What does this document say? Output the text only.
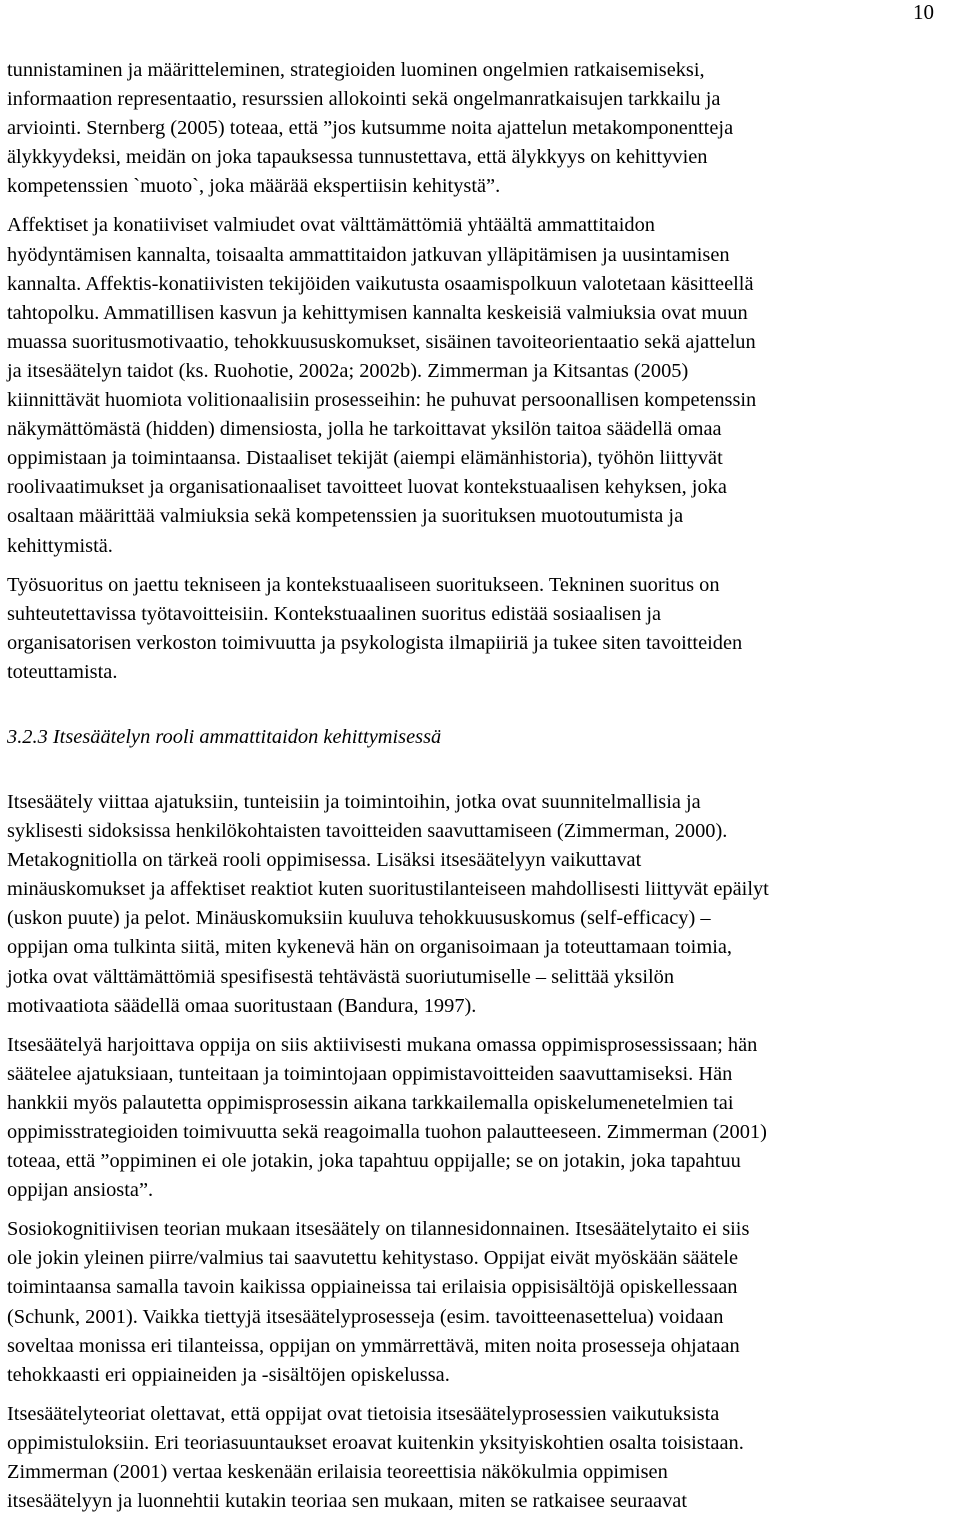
10

tunnistaminen ja määritteleminen, strategioiden luominen ongelmien ratkaisemiseksi,
informaation representaatio, resurssien allokointi sekä ongelmanratkaisujen tarkkailu ja
arviointi. Sternberg (2005) toteaa, että ”jos kutsumme noita ajattelun metakomponentteja
älykkyydeksi, meidän on joka tapauksessa tunnustettava, että älykkyys on kehittyvien
kompetenssien `muoto`, joka määrää ekspertiisin kehitystä”.

Affektiset ja konatiiviset valmiudet ovat välttämättömiä yhtäältä ammattitaidon
hyödyntämisen kannalta, toisaalta ammattitaidon jatkuvan ylläpitämisen ja uusintamisen
kannalta. Affektis-konatiivisten tekijöiden vaikutusta osaamispolkuun valotetaan käsitteellä
tahtopolku. Ammatillisen kasvun ja kehittymisen kannalta keskeisiä valmiuksia ovat muun
muassa suoritusmotivaatio, tehokkuususkomukset, sisäinen tavoiteorientaatio sekä ajattelun
ja itsesäätelyn taidot (ks. Ruohotie, 2002a; 2002b). Zimmerman ja Kitsantas (2005)
kiinnittävät huomiota volitionaalisiin prosesseihin: he puhuvat persoonallisen kompetenssin
näkymättömästä (hidden) dimensiosta, jolla he tarkoittavat yksilön taitoa säädellä omaa
oppimistaan ja toimintaansa. Distaaliset tekijät (aiempi elämänhistoria), työhön liittyvät
roolivaatimukset ja organisationaaliset tavoitteet luovat kontekstuaalisen kehyksen, joka
osaltaan määrittää valmiuksia sekä kompetenssien ja suorituksen muotoutumista ja
kehittymistä.

Työsuoritus on jaettu tekniseen ja kontekstuaaliseen suoritukseen. Tekninen suoritus on
suhteutettavissa työtavoitteisiin. Kontekstuaalinen suoritus edistää sosiaalisen ja
organisatorisen verkoston toimivuutta ja psykologista ilmapiiriä ja tukee siten tavoitteiden
toteuttamista.

3.2.3 Itsesäätelyn rooli ammattitaidon kehittymisessä

Itsesäätely viittaa ajatuksiin, tunteisiin ja toimintoihin, jotka ovat suunnitelmallisia ja
syklisesti sidoksissa henkilökohtaisten tavoitteiden saavuttamiseen (Zimmerman, 2000).
Metakognitiolla on tärkeä rooli oppimisessa. Lisäksi itsesäätelyyn vaikuttavat
minäuskomukset ja affektiset reaktiot kuten suoritustilanteiseen mahdollisesti liittyvät epäilyt
(uskon puute) ja pelot. Minäuskomuksiin kuuluva tehokkuususkomus (self-efficacy) –
oppijan oma tulkinta siitä, miten kykenevä hän on organisoimaan ja toteuttamaan toimia,
jotka ovat välttämättömiä spesifisestä tehtävästä suoriutumiselle – selittää yksilön
motivaatiota säädellä omaa suoritustaan (Bandura, 1997).

Itsesäätelyä harjoittava oppija on siis aktiivisesti mukana omassa oppimisprosessissaan; hän
säätelee ajatuksiaan, tunteitaan ja toimintojaan oppimistavoitteiden saavuttamiseksi. Hän
hankkii myös palautetta oppimisprosessin aikana tarkkailemalla opiskelumenetelmien tai
oppimisstrategioiden toimivuutta sekä reagoimalla tuohon palautteeseen. Zimmerman (2001)
toteaa, että ”oppiminen ei ole jotakin, joka tapahtuu oppijalle; se on jotakin, joka tapahtuu
oppijan ansiosta”.

Sosiokognitiivisen teorian mukaan itsesäätely on tilannesidonnainen. Itsesäätelytaito ei siis
ole jokin yleinen piirre/valmius tai saavutettu kehitystaso. Oppijat eivät myöskään säätele
toimintaansa samalla tavoin kaikissa oppiaineissa tai erilaisia oppisisältöjä opiskellessaan
(Schunk, 2001). Vaikka tiettyjä itsesäätelyprosesseja (esim. tavoitteenasettelua) voidaan
soveltaa monissa eri tilanteissa, oppijan on ymmärrettävä, miten noita prosesseja ohjataan
tehokkaasti eri oppiaineiden ja -sisältöjen opiskelussa.

Itsesäätelyteoriat olettavat, että oppijat ovat tietoisia itsesäätelyprosessien vaikutuksista
oppimistuloksiin. Eri teoriasuuntaukset eroavat kuitenkin yksityiskohtien osalta toisistaan.
Zimmerman (2001) vertaa keskenään erilaisia teoreettisia näkökulmia oppimisen
itsesäätelyyn ja luonnehtii kutakin teoriaa sen mukaan, miten se ratkaisee seuraavat
